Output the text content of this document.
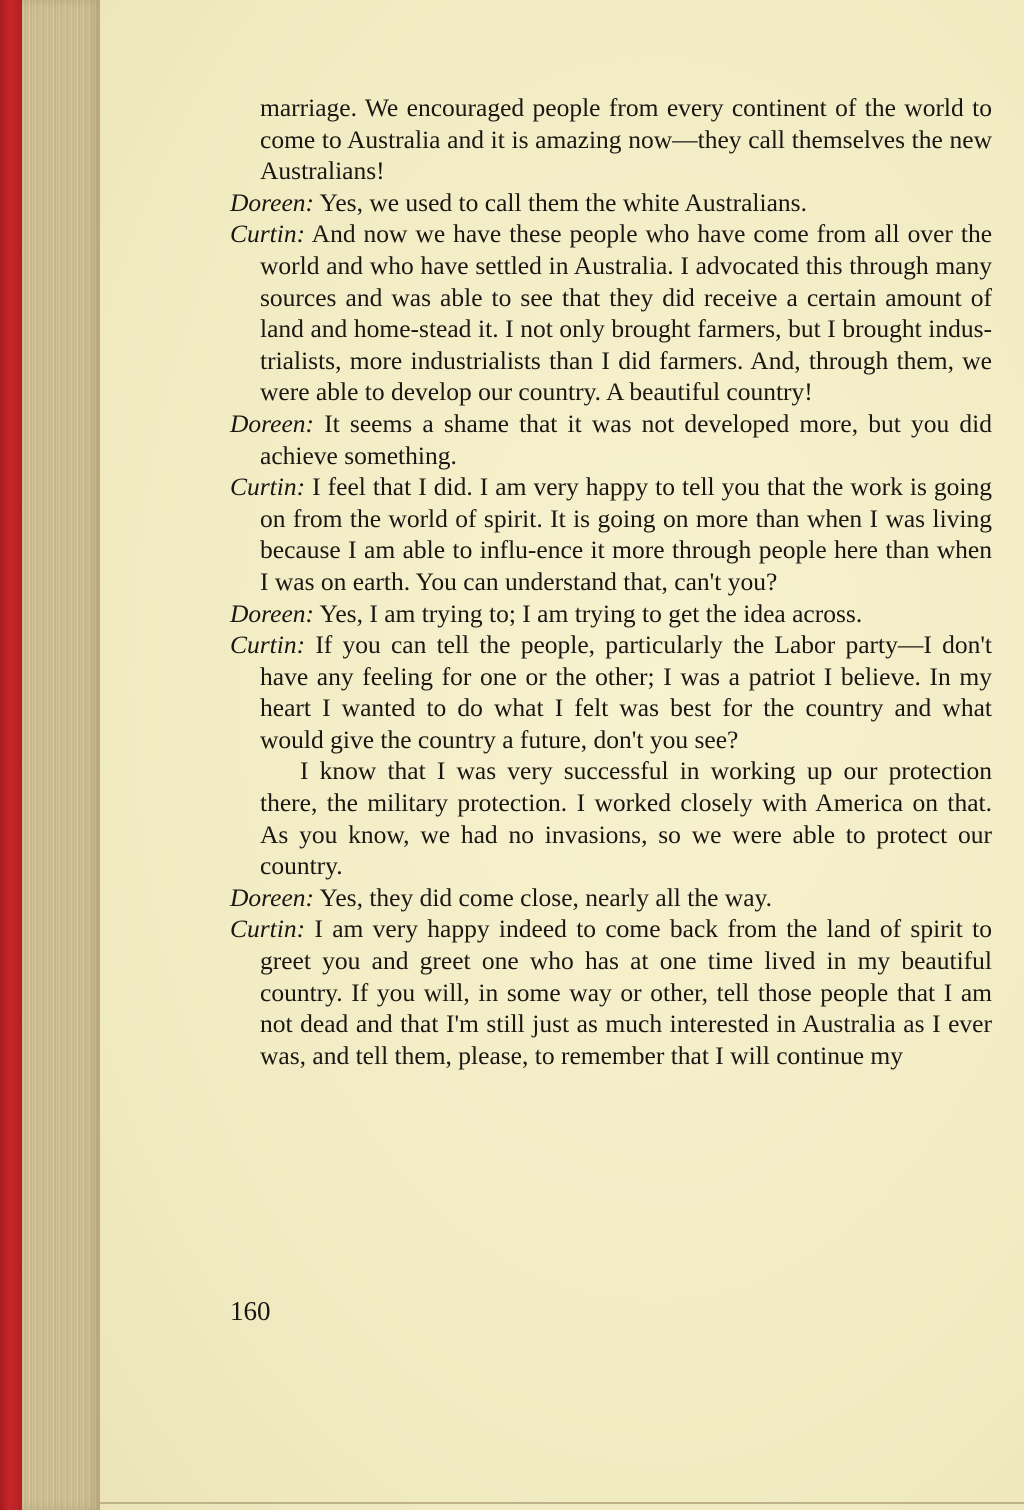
marriage. We encouraged people from every continent of the world to come to Australia and it is amazing now—they call themselves the new Australians!

Doreen: Yes, we used to call them the white Australians.

Curtin: And now we have these people who have come from all over the world and who have settled in Australia. I advocated this through many sources and was able to see that they did receive a certain amount of land and home-stead it. I not only brought farmers, but I brought indus-trialists, more industrialists than I did farmers. And, through them, we were able to develop our country. A beautiful country!

Doreen: It seems a shame that it was not developed more, but you did achieve something.

Curtin: I feel that I did. I am very happy to tell you that the work is going on from the world of spirit. It is going on more than when I was living because I am able to influ-ence it more through people here than when I was on earth. You can understand that, can't you?

Doreen: Yes, I am trying to; I am trying to get the idea across.

Curtin: If you can tell the people, particularly the Labor party—I don't have any feeling for one or the other; I was a patriot I believe. In my heart I wanted to do what I felt was best for the country and what would give the country a future, don't you see?

I know that I was very successful in working up our protection there, the military protection. I worked closely with America on that. As you know, we had no invasions, so we were able to protect our country.

Doreen: Yes, they did come close, nearly all the way.

Curtin: I am very happy indeed to come back from the land of spirit to greet you and greet one who has at one time lived in my beautiful country. If you will, in some way or other, tell those people that I am not dead and that I'm still just as much interested in Australia as I ever was, and tell them, please, to remember that I will continue my

160
